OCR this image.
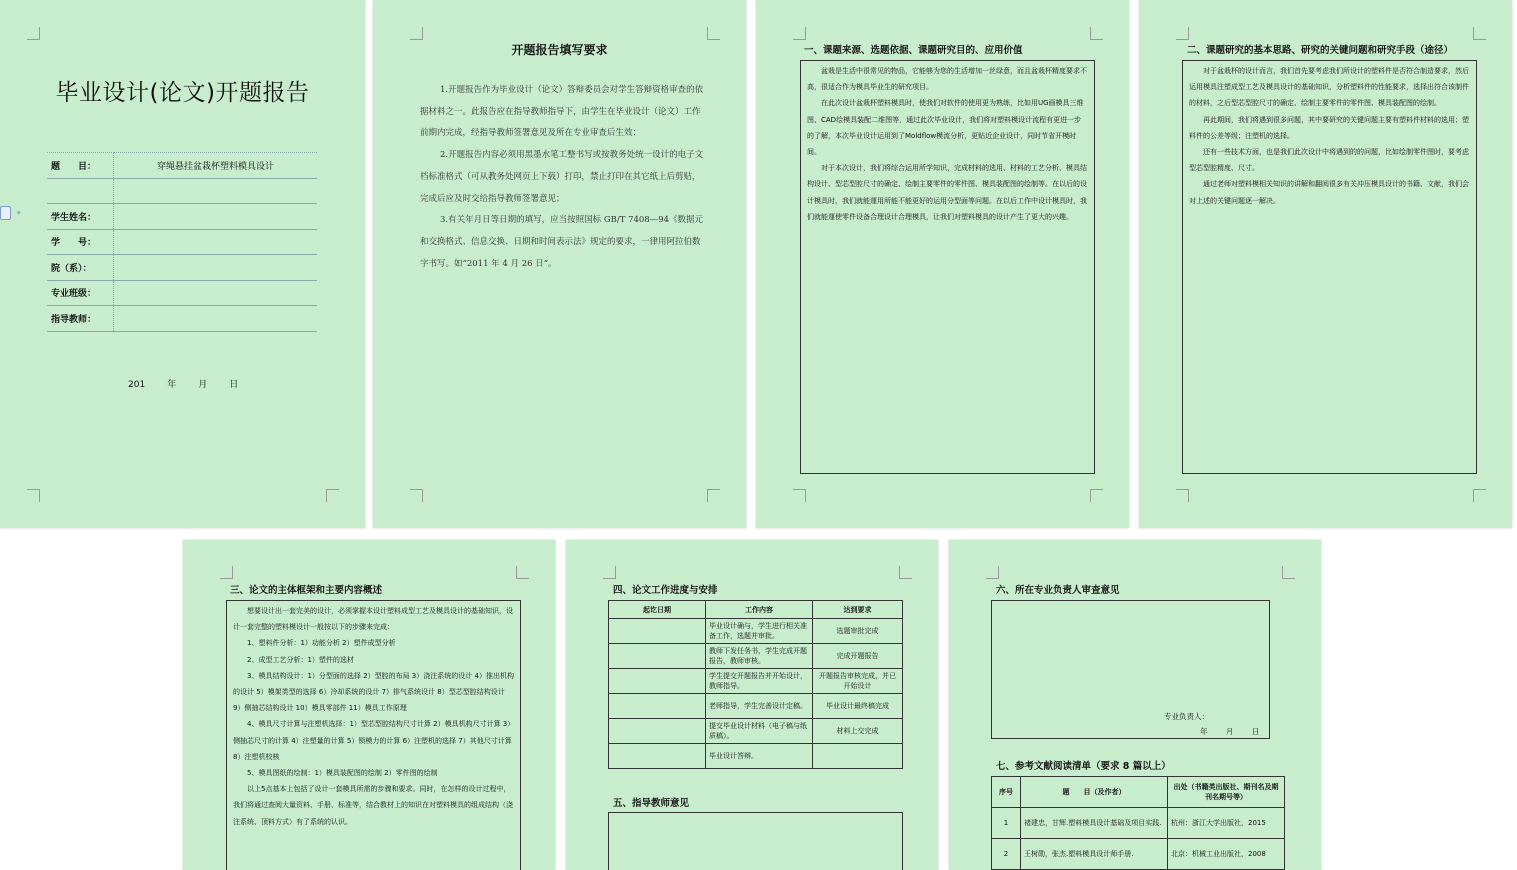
毕业设计(论文)开题报告
题　　目：	穿绳悬挂盆栽杯塑料模具设计

学生姓名：	
学　　号：	
院（系）：	
专业班级：	
指导教师：	
201 年 月 日
▾
开题报告填写要求

1.开题报告作为毕业设计（论文）答辩委员会对学生答辩资格审查的依据材料之一。此报告应在指导教师指导下，由学生在毕业设计（论文）工作前期内完成，经指导教师签署意见及所在专业审查后生效；

2.开题报告内容必须用黑墨水笔工整书写或按教务处统一设计的电子文档标准格式（可从教务处网页上下载）打印，禁止打印在其它纸上后剪贴，完成后应及时交给指导教师签署意见；

3.有关年月日等日期的填写，应当按照国标 GB/T 7408—94《数据元和交换格式、信息交换、日期和时间表示法》规定的要求，一律用阿拉伯数字书写。如“2011 年 4 月 26 日”。

一、课题来源、选题依据、课题研究目的、应用价值

盆栽是生活中很常见的物品，它能够为您的生活增加一丝绿意，而且盆栽杯精度要求不高，很适合作为模具毕业生的研究项目。

在此次设计盆栽杯塑料模具时，使我们对软件的使用更为熟练，比如用UG画模具三维图、CAD绘模具装配二维图等，通过此次毕业设计，我们将对塑料模设计流程有更进一步的了解，本次毕业设计运用到了Moldflow模流分析，更贴近企业设计，同时节省开模时间。

对于本次设计，我们将综合运用所学知识，完成材料的选用、材料的工艺分析、模具结构设计、型芯型腔尺寸的确定、绘制主要零件的零件图、模具装配图的绘制等。在以后的设计模具时，我们就能運用所能不能更好的运用分型面等问题。在以后工作中设计模具时，我们就能運使零件设备合理设计合理模具，让我们对塑料模具的设计产生了更大的兴趣。

二、课题研究的基本思路、研究的关键问题和研究手段（途径）

对于盆栽杯的设计而言，我们首先要考虑我们所设计的塑料件是否符合制造要求，然后运用模具注塑成型工艺及模具设计的基础知识，分析塑料件的性能要求，选择出符合该制件的材料，之后型芯型腔尺寸的确定、绘制主要零件的零件图、模具装配图的绘制。

再此期间，我们将遇到很多问题，其中要研究的关键问题主要有塑料件材料的选用；塑料件的公差等级；注塑机的选择。

还有一些技术方面，也是我们此次设计中将遇到的的问题，比如绘制零件图时，要考虑型芯型腔精度、尺寸。

通过老师对塑料模相关知识的讲解和翻阅很多有关冲压模具设计的书籍、文献，我们会对上述的关键问题逐一解决。

三、论文的主体框架和主要内容概述

想要设计出一套完美的设计，必须掌握本设计塑料成型工艺及模具设计的基础知识，设计一套完整的塑料模设计一般按以下的步骤来完成：

1、塑料件分析：1）功能分析 2）塑件成型分析

2、成型工艺分析：1）塑件的选材

3、模具结构设计：1）分型面的选择 2）型腔的布局 3）浇注系统的设计 4）推出机构的设计 5）模架类型的选择 6）冷却系统的设计 7）排气系统设计 8）型芯型腔结构设计 9）侧抽芯结构设计 10）模具零部件 11）模具工作原理

4、模具尺寸计算与注塑机选择：1）型芯型腔结构尺寸计算 2）模具机构尺寸计算 3）侧抽芯尺寸的计算 4）注塑量的计算 5）锁模力的计算 6）注塑机的选择 7）其他尺寸计算 8）注塑机校核

5、模具图纸的绘制：1）模具装配图的绘制 2）零件图的绘制

以上5点基本上包括了设计一套模具所需的步骤和要求。同时，在怎样的设计过程中，我们将通过查阅大量资料、手册、标准等，结合教材上的知识在对塑料模具的组成结构（浇注系统、顶料方式）有了系统的认识。

四、论文工作进度与安排
起讫日期	工作内容	达到要求
	毕业设计确与，学生进行相关准备工作，选题并审批。	选题审批完成
	教师下发任务书，学生完成开题报告，教师审核。	完成开题报告
	学生提交开题报告并开始设计，教师指导。	开题报告审核完成，并已开始设计
	老师指导，学生完善设计定稿。	毕业设计最终稿完成
	提交毕业设计材料（电子稿与纸质稿）。	材料上交完成
	毕业设计答辩。	
五、指导教师意见
六、所在专业负责人审查意见
专业负责人：
年 月 日
七、参考文献阅读清单（要求 8 篇以上）
序号	题　　目（及作者）	出处（书籍类出版社、期刊名及期刊名期号等）
1	褚建忠，甘辉.塑料模具设计基础及项目实践.	杭州：浙江大学出版社，2015
2	王树勋，张杰.塑料模具设计师手册.	北京：机械工业出版社，2008
